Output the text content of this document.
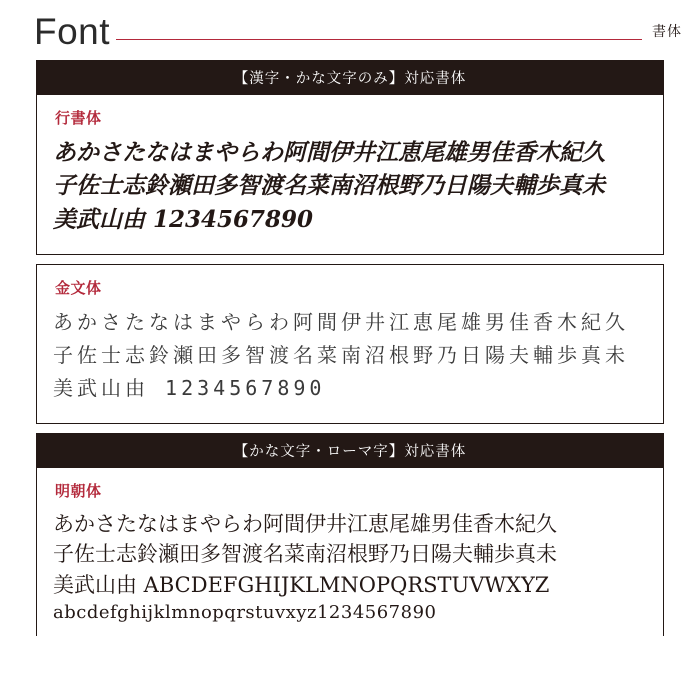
Font	書体
【漢字・かな文字のみ】対応書体
行書体
あかさたなはまやらわ阿間伊井江恵尾雄男佳香木紀久
子佐士志鈴瀬田多智渡名菜南沼根野乃日陽夫輔歩真未
美武山由 1234567890
金文体
あかさたなはまやらわ阿間伊井江恵尾雄男佳香木紀久
子佐士志鈴瀬田多智渡名菜南沼根野乃日陽夫輔歩真未
美武山由 1234567890
【かな文字・ローマ字】対応書体
明朝体
あかさたなはまやらわ阿間伊井江恵尾雄男佳香木紀久
子佐士志鈴瀬田多智渡名菜南沼根野乃日陽夫輔歩真未
美武山由 ABCDEFGHIJKLMNOPQRSTUVWXYZ
abcdefghijklmnopqrstuvxyz1234567890
